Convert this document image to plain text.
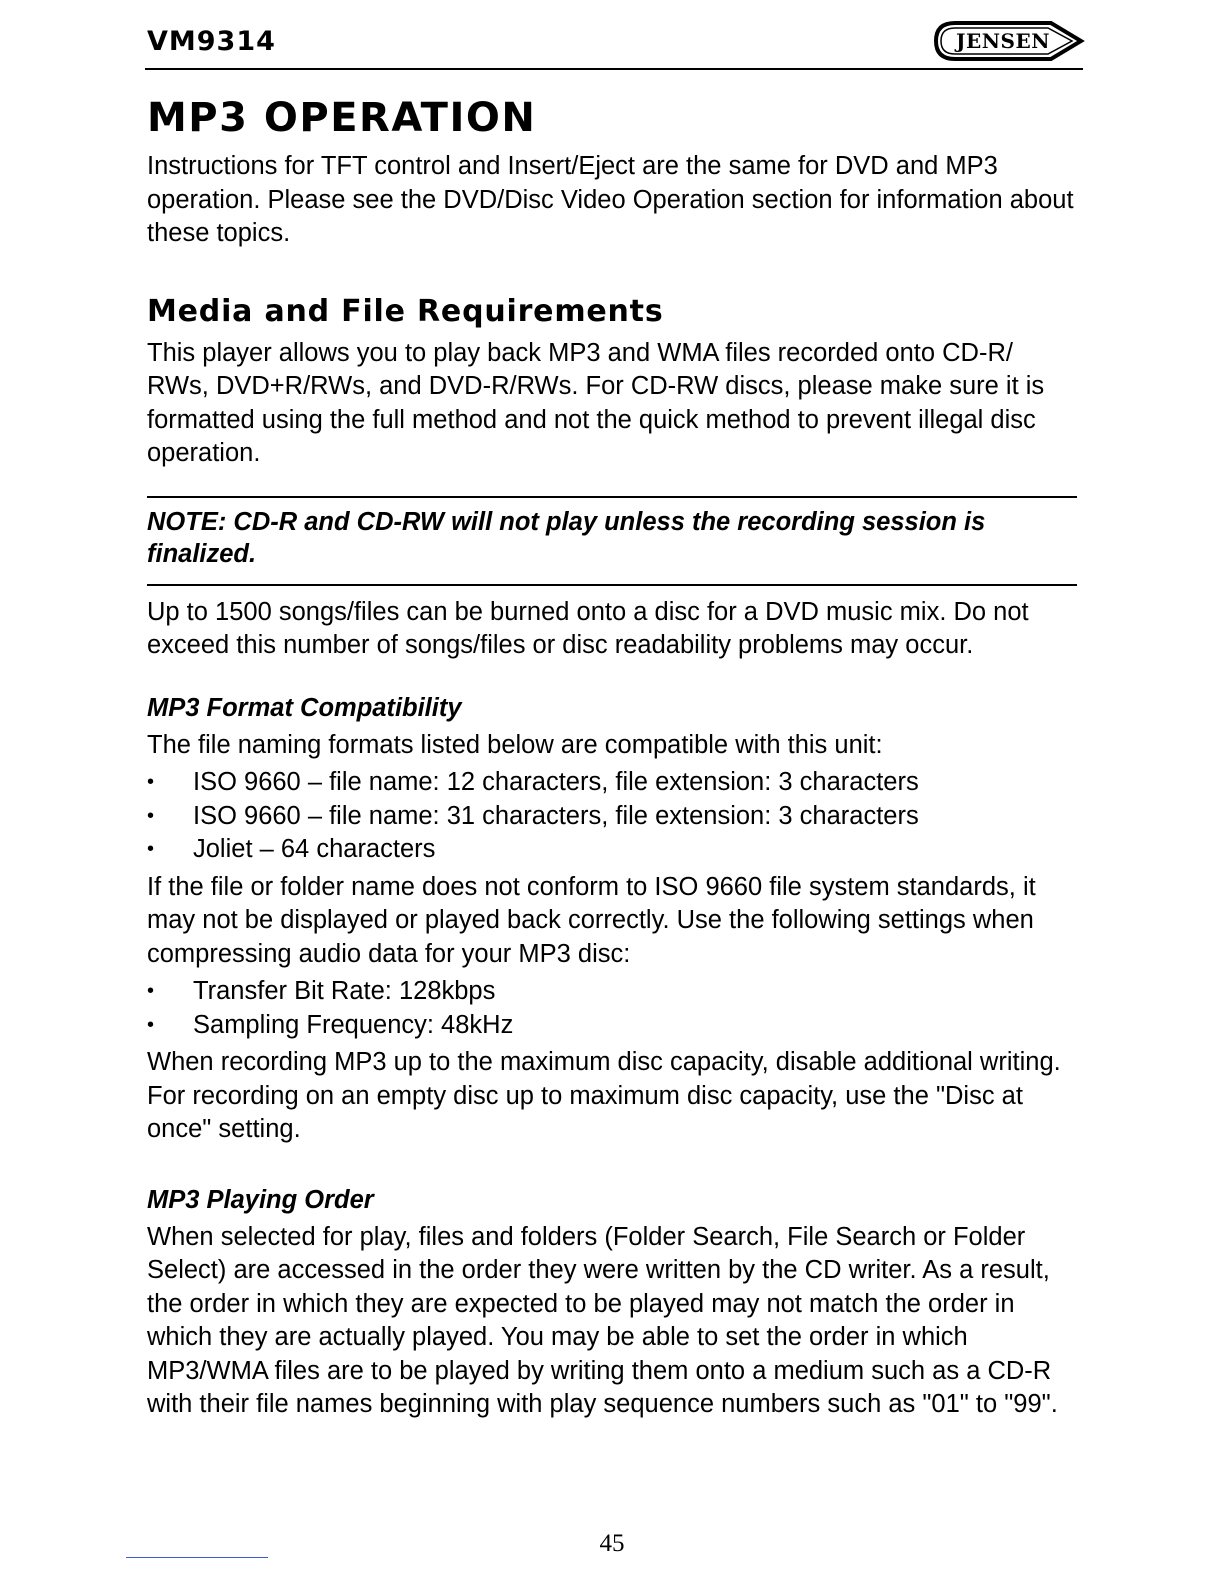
VM9314	JENSEN
MP3 OPERATION

Instructions for TFT control and Insert/Eject are the same for DVD and MP3 operation. Please see the DVD/Disc Video Operation section for information about these topics.

Media and File Requirements

This player allows you to play back MP3 and WMA files recorded onto CD-R/ RWs, DVD+R/RWs, and DVD-R/RWs. For CD-RW discs, please make sure it is formatted using the full method and not the quick method to prevent illegal disc operation.

NOTE: CD-R and CD-RW will not play unless the recording session is finalized.

Up to 1500 songs/files can be burned onto a disc for a DVD music mix. Do not exceed this number of songs/files or disc readability problems may occur.

MP3 Format Compatibility

The file naming formats listed below are compatible with this unit:

• ISO 9660 – file name: 12 characters, file extension: 3 characters
• ISO 9660 – file name: 31 characters, file extension: 3 characters
• Joliet – 64 characters

If the file or folder name does not conform to ISO 9660 file system standards, it may not be displayed or played back correctly. Use the following settings when compressing audio data for your MP3 disc:

• Transfer Bit Rate: 128kbps
• Sampling Frequency: 48kHz

When recording MP3 up to the maximum disc capacity, disable additional writing. For recording on an empty disc up to maximum disc capacity, use the "Disc at once" setting.

MP3 Playing Order

When selected for play, files and folders (Folder Search, File Search or Folder Select) are accessed in the order they were written by the CD writer. As a result, the order in which they are expected to be played may not match the order in which they are actually played. You may be able to set the order in which MP3/WMA files are to be played by writing them onto a medium such as a CD-R with their file names beginning with play sequence numbers such as "01" to "99".

45
